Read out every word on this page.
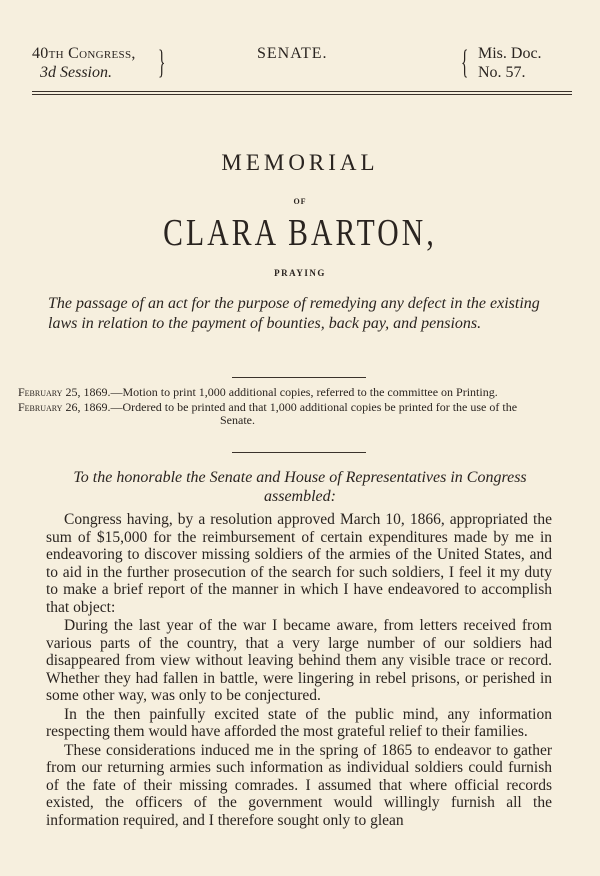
40th Congress,
3d Session.	}	SENATE.	{ Mis. Doc.
No. 57.
MEMORIAL
OF
CLARA BARTON,
PRAYING
The passage of an act for the purpose of remedying any defect in the existing laws in relation to the payment of bounties, back pay, and pensions.
February 25, 1869.—Motion to print 1,000 additional copies, referred to the committee on Printing.
February 26, 1869.—Ordered to be printed and that 1,000 additional copies be printed for the use of the Senate.
To the honorable the Senate and House of Representatives in Congress assembled:

Congress having, by a resolution approved March 10, 1866, appropriated the sum of $15,000 for the reimbursement of certain expenditures made by me in endeavoring to discover missing soldiers of the armies of the United States, and to aid in the further prosecution of the search for such soldiers, I feel it my duty to make a brief report of the manner in which I have endeavored to accomplish that object:

During the last year of the war I became aware, from letters received from various parts of the country, that a very large number of our soldiers had disappeared from view without leaving behind them any visible trace or record. Whether they had fallen in battle, were lingering in rebel prisons, or perished in some other way, was only to be conjectured.

In the then painfully excited state of the public mind, any information respecting them would have afforded the most grateful relief to their families.

These considerations induced me in the spring of 1865 to endeavor to gather from our returning armies such information as individual soldiers could furnish of the fate of their missing comrades. I assumed that where official records existed, the officers of the government would willingly furnish all the information required, and I therefore sought only to glean
